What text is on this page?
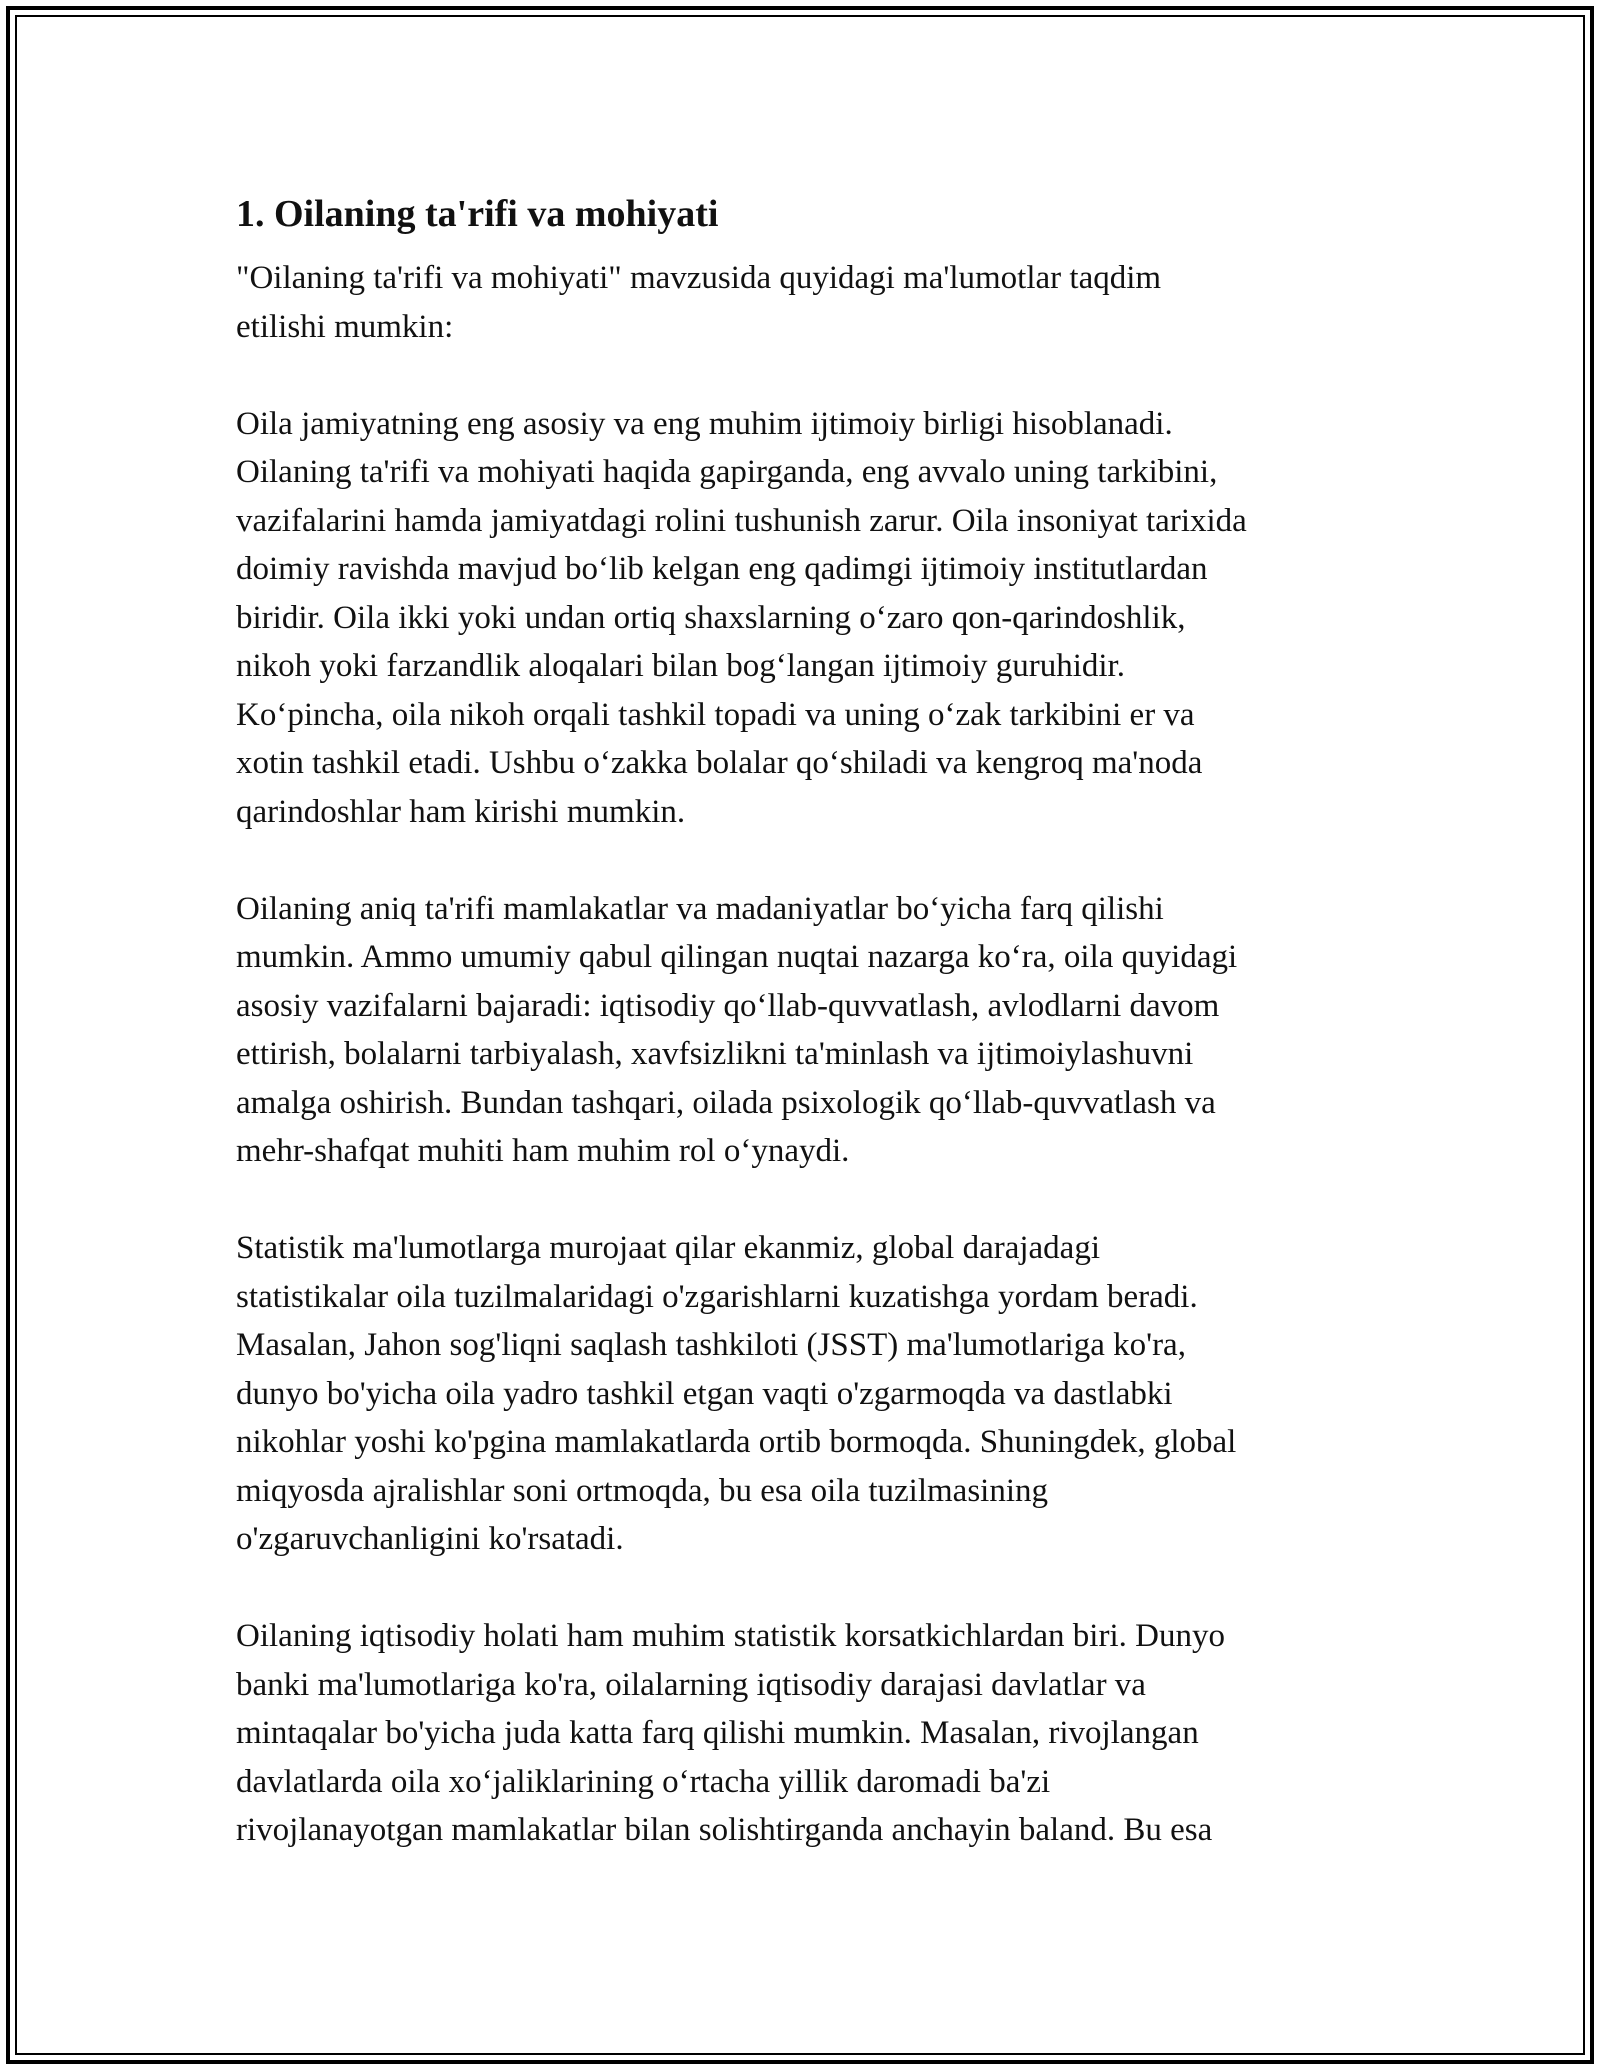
1. Oilaning ta'rifi va mohiyati

"Oilaning ta'rifi va mohiyati" mavzusida quyidagi ma'lumotlar taqdim
etilishi mumkin:

Oila jamiyatning eng asosiy va eng muhim ijtimoiy birligi hisoblanadi.
Oilaning ta'rifi va mohiyati haqida gapirganda, eng avvalo uning tarkibini,
vazifalarini hamda jamiyatdagi rolini tushunish zarur. Oila insoniyat tarixida
doimiy ravishda mavjud bo‘lib kelgan eng qadimgi ijtimoiy institutlardan
biridir. Oila ikki yoki undan ortiq shaxslarning o‘zaro qon-qarindoshlik,
nikoh yoki farzandlik aloqalari bilan bog‘langan ijtimoiy guruhidir.
Ko‘pincha, oila nikoh orqali tashkil topadi va uning o‘zak tarkibini er va
xotin tashkil etadi. Ushbu o‘zakka bolalar qo‘shiladi va kengroq ma'noda
qarindoshlar ham kirishi mumkin.

Oilaning aniq ta'rifi mamlakatlar va madaniyatlar bo‘yicha farq qilishi
mumkin. Ammo umumiy qabul qilingan nuqtai nazarga ko‘ra, oila quyidagi
asosiy vazifalarni bajaradi: iqtisodiy qo‘llab-quvvatlash, avlodlarni davom
ettirish, bolalarni tarbiyalash, xavfsizlikni ta'minlash va ijtimoiylashuvni
amalga oshirish. Bundan tashqari, oilada psixologik qo‘llab-quvvatlash va
mehr-shafqat muhiti ham muhim rol o‘ynaydi.

Statistik ma'lumotlarga murojaat qilar ekanmiz, global darajadagi
statistikalar oila tuzilmalaridagi o'zgarishlarni kuzatishga yordam beradi.
Masalan, Jahon sog'liqni saqlash tashkiloti (JSST) ma'lumotlariga ko'ra,
dunyo bo'yicha oila yadro tashkil etgan vaqti o'zgarmoqda va dastlabki
nikohlar yoshi ko'pgina mamlakatlarda ortib bormoqda. Shuningdek, global
miqyosda ajralishlar soni ortmoqda, bu esa oila tuzilmasining
o'zgaruvchanligini ko'rsatadi.

Oilaning iqtisodiy holati ham muhim statistik korsatkichlardan biri. Dunyo
banki ma'lumotlariga ko'ra, oilalarning iqtisodiy darajasi davlatlar va
mintaqalar bo'yicha juda katta farq qilishi mumkin. Masalan, rivojlangan
davlatlarda oila xo‘jaliklarining o‘rtacha yillik daromadi ba'zi
rivojlanayotgan mamlakatlar bilan solishtirganda anchayin baland. Bu esa
